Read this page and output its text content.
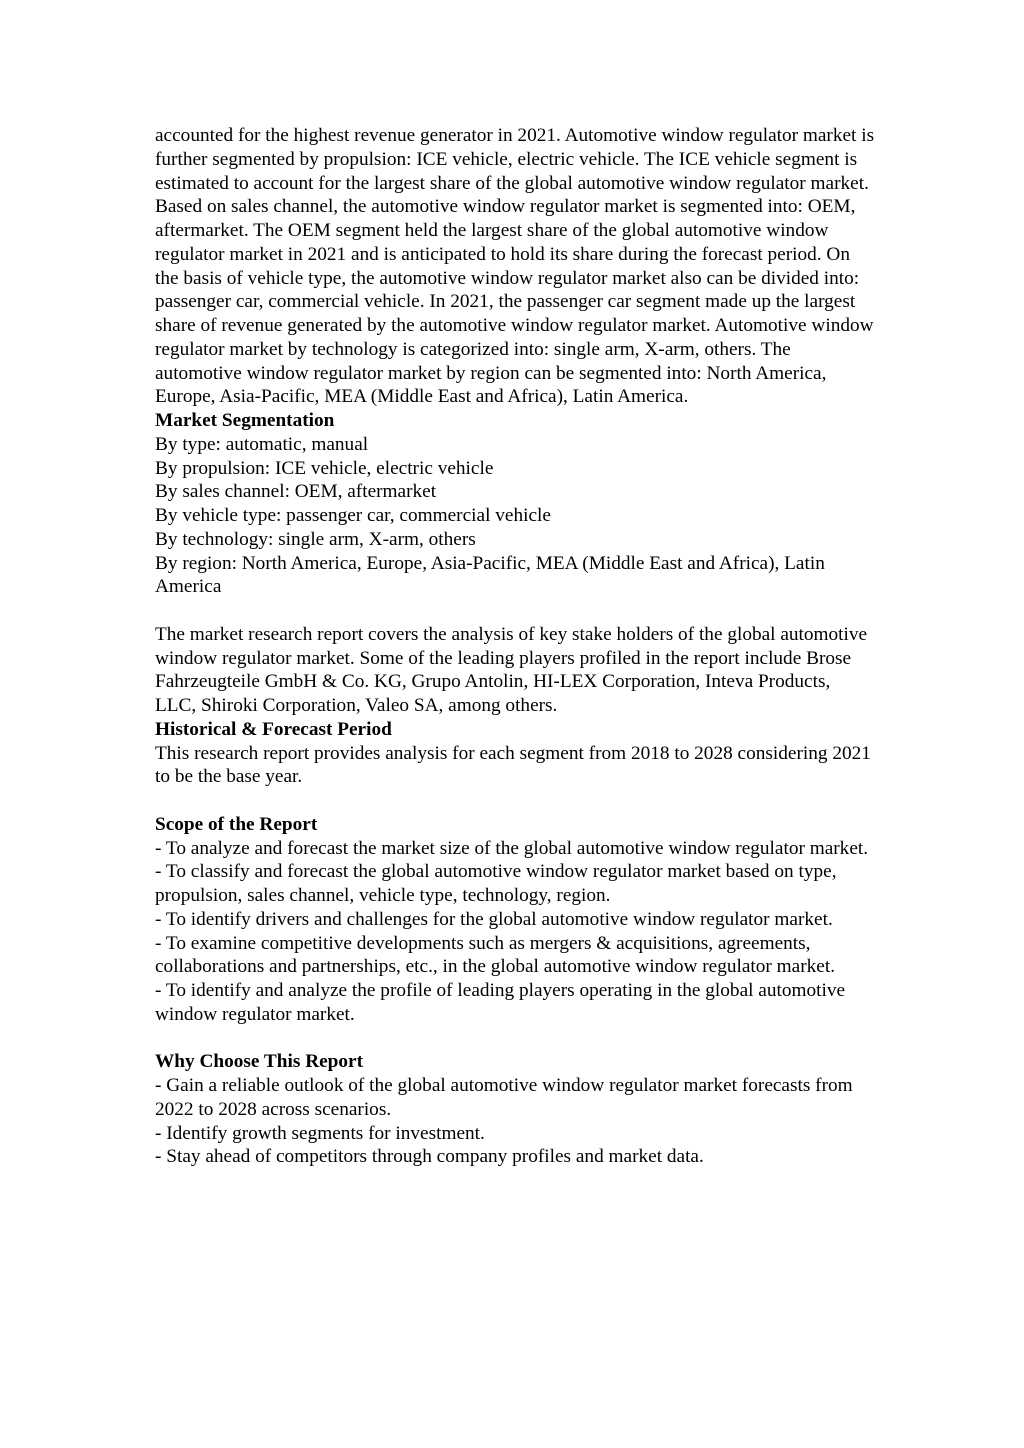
accounted for the highest revenue generator in 2021. Automotive window regulator market is further segmented by propulsion: ICE vehicle, electric vehicle. The ICE vehicle segment is estimated to account for the largest share of the global automotive window regulator market. Based on sales channel, the automotive window regulator market is segmented into: OEM, aftermarket. The OEM segment held the largest share of the global automotive window regulator market in 2021 and is anticipated to hold its share during the forecast period. On the basis of vehicle type, the automotive window regulator market also can be divided into: passenger car, commercial vehicle. In 2021, the passenger car segment made up the largest share of revenue generated by the automotive window regulator market. Automotive window regulator market by technology is categorized into: single arm, X-arm, others. The automotive window regulator market by region can be segmented into: North America, Europe, Asia-Pacific, MEA (Middle East and Africa), Latin America.

Market Segmentation
By type: automatic, manual
By propulsion: ICE vehicle, electric vehicle
By sales channel: OEM, aftermarket
By vehicle type: passenger car, commercial vehicle
By technology: single arm, X-arm, others
By region: North America, Europe, Asia-Pacific, MEA (Middle East and Africa), Latin America

The market research report covers the analysis of key stake holders of the global automotive window regulator market. Some of the leading players profiled in the report include Brose Fahrzeugteile GmbH & Co. KG, Grupo Antolin, HI-LEX Corporation, Inteva Products, LLC, Shiroki Corporation, Valeo SA, among others.

Historical & Forecast Period
This research report provides analysis for each segment from 2018 to 2028 considering 2021 to be the base year.
Scope of the Report
- To analyze and forecast the market size of the global automotive window regulator market.
- To classify and forecast the global automotive window regulator market based on type, propulsion, sales channel, vehicle type, technology, region.
- To identify drivers and challenges for the global automotive window regulator market.
- To examine competitive developments such as mergers & acquisitions, agreements, collaborations and partnerships, etc., in the global automotive window regulator market.
- To identify and analyze the profile of leading players operating in the global automotive window regulator market.
Why Choose This Report
- Gain a reliable outlook of the global automotive window regulator market forecasts from 2022 to 2028 across scenarios.
- Identify growth segments for investment.
- Stay ahead of competitors through company profiles and market data.
